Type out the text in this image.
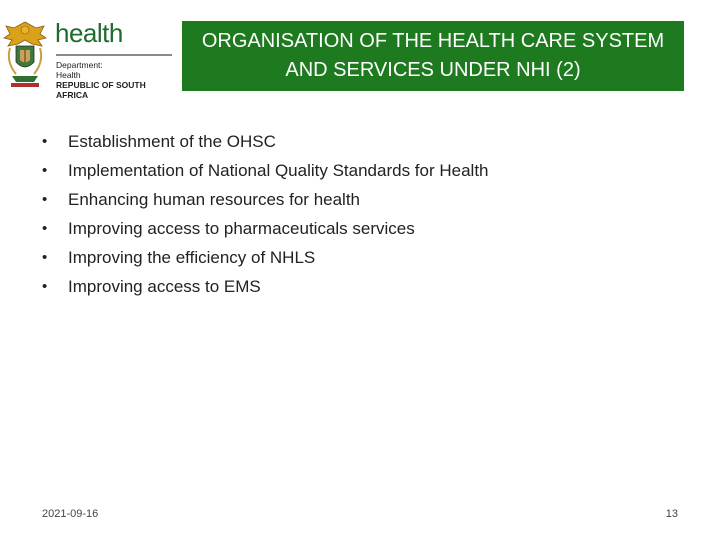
health
Department:
Health
REPUBLIC OF SOUTH AFRICA
ORGANISATION OF THE HEALTH CARE SYSTEM
AND SERVICES UNDER NHI (2)
•	Establishment of the OHSC
•	Implementation of National Quality Standards for Health
•	Enhancing human resources for health
•	Improving access to pharmaceuticals services
•	Improving the efficiency of NHLS
•	Improving access to EMS
2021-09-16	13
